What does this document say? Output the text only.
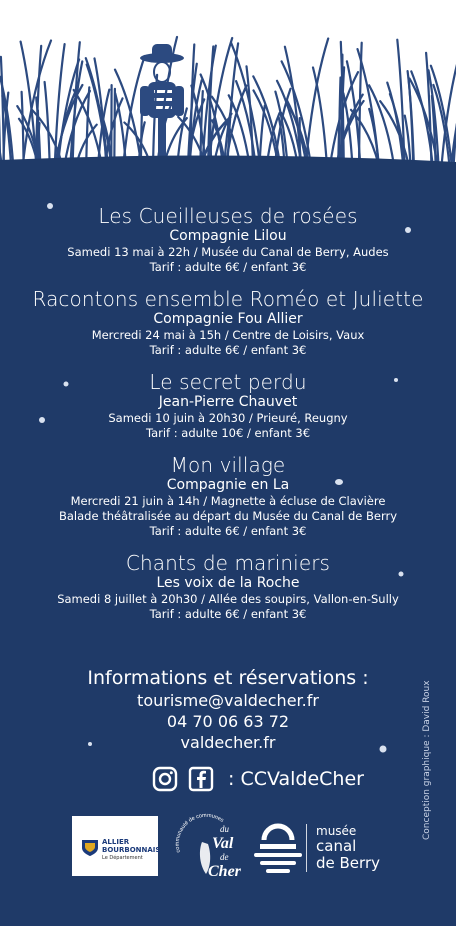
Les Cueilleuses de rosées
Compagnie Lilou
Samedi 13 mai à 22h / Musée du Canal de Berry, Audes
Tarif : adulte 6€ / enfant 3€
Racontons ensemble Roméo et Juliette
Compagnie Fou Allier
Mercredi 24 mai à 15h / Centre de Loisirs, Vaux
Tarif : adulte 6€ / enfant 3€
Le secret perdu
Jean-Pierre Chauvet
Samedi 10 juin à 20h30 / Prieuré, Reugny
Tarif : adulte 10€ / enfant 3€
Mon village
Compagnie en La
Mercredi 21 juin à 14h / Magnette à écluse de Clavière
Balade théâtralisée au départ du Musée du Canal de Berry
Tarif : adulte 6€ / enfant 3€
Chants de mariniers
Les voix de la Roche
Samedi 8 juillet à 20h30 / Allée des soupirs, Vallon-en-Sully
Tarif : adulte 6€ / enfant 3€
Informations et réservations :
tourisme@valdecher.fr
04 70 06 63 72
valdecher.fr
: CCValdeCher	Conception graphique : David Roux
ALLIER
BOURBONNAIS
Le Département
communauté de communes
du
Val
de
Cher
musée
canal
de Berry
